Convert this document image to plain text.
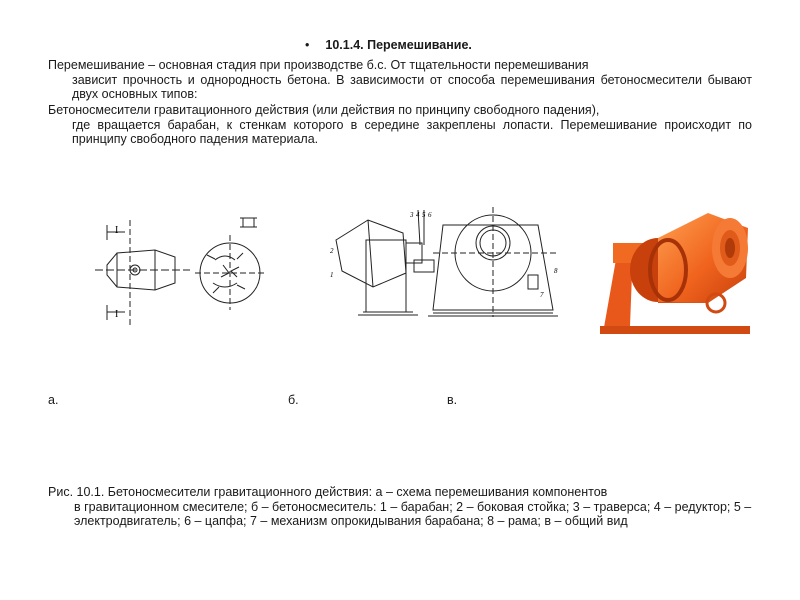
• 10.1.4. Перемешивание.
Перемешивание – основная стадия при производстве б.с. От тщательности перемешивания
зависит прочность и однородность бетона. В зависимости от способа перемешивания бетоносмесители бывают двух основных типов:
Бетоносмесители гравитационного действия (или действия по принципу свободного падения),
где вращается барабан, к стенкам которого в середине закреплены лопасти. Перемешивание происходит по принципу свободного падения материала.
I
I
1
2
3 4 5 6
7
8
а.	б.	в.
Рис. 10.1. Бетоносмесители гравитационного действия: а – схема перемешивания компонентов
в гравитационном смесителе; б – бетоносмеситель: 1 – барабан; 2 – боковая стойка; 3 – траверса; 4 – редуктор; 5 – электродвигатель; 6 – цапфа; 7 – механизм опрокидывания барабана; 8 – рама; в – общий вид
